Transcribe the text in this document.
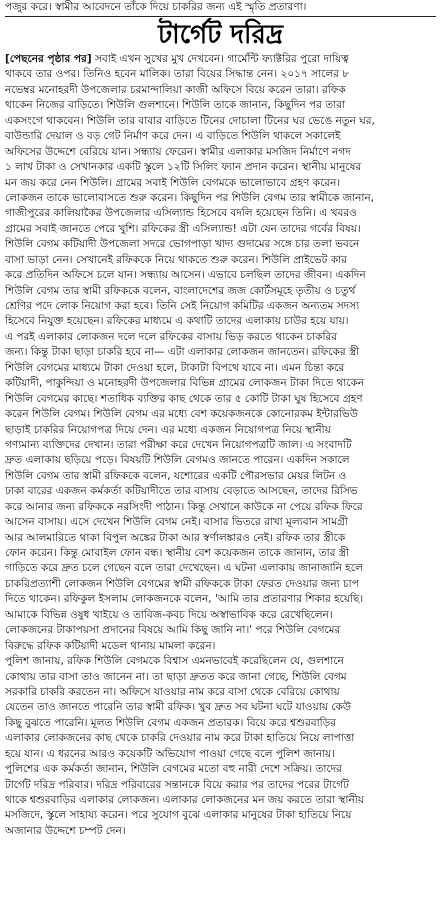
পজুর করে। স্বামীর আবেদনে তাঁকে দিয়ে চাকরির জন্য এই স্মৃতি প্রতারণা।
টার্গেট দরিদ্র
[পেছনের পৃষ্ঠার পর] সবাই এখন সুখের মুখ দেখবেন। গার্মেন্টি ফ্যাক্টরির পুরো দায়িত্ব
থাকবে তার ওপর। তিনিও হবেন মালিক। তারা বিয়ের সিদ্ধান্ত নেন। ২০১৭ সালের ৮
নভেম্বর মনোহরদী উপজেলার চরমান্দালিয়া কাজী অফিসে বিয়ে করেন তারা। রফিক
থাকেন নিজের বাড়িতে। শিউলি গুলশানে। শিউলি তাকে জানান, কিছুদিন পর তারা
একসংগে থাকবেন। শিউলি তার বাবার বাড়িতে টিনের দোচালা টিনের ঘর ভেঙে নতুন ঘর,
বাউন্ডারি দেয়াল ও বড় গেট নির্মাণ করে দেন। এ বাড়িতে শিউলি থাকলে সকালেই
অফিসের উদ্দেশে বেরিয়ে যান। সন্ধ্যায় ফেরেন। স্বামীর এলাকার মসজিদ নির্মাণে নগদ
১ লাখ টাকা ও সেখানকার একটি স্কুলে ১২টি সিলিং ফ্যান প্রদান করেন। স্থানীয় মানুষের
মন জয় করে নেন শিউলি। গ্রামের সবাই শিউলি বেগমকে ভালোভাবে গ্রহণ করেন।
লোকজন তাকে ভালোবাসতে শুরু করেন। কিছুদিন পর শিউলি বেগম তার স্বামীকে জানান,
গাজীপুরের কালিয়াকৈর উপজেলার এসিল্যান্ড হিসেবে বদলি হয়েছেন তিনি। এ খবরও
গ্রামের সবাই জানতে পেরে খুশি। রফিকের স্ত্রী এসিল্যান্ড! এটা যেন তাদের গর্বের বিষয়।
শিউলি বেগম কটিয়াদী উপজেলা সদরে ভোগপাড়া খাদ্য গুদামের সঙ্গে চার তলা ভবনে
বাসা ভাড়া নেন। সেখানেই রফিককে নিয়ে থাকতে শুরু করেন। শিউলি প্রাইভেট কার
করে প্রতিদিন অফিসে চলে যান। সন্ধ্যায় আসেন। এভাবে চলছিল তাদের জীবন। একদিন
শিউলি বেগম তার স্বামী রফিককে বলেন, বাংলাদেশের জজ কোর্টসমূহে তৃতীয় ও চতুর্থ
শ্রেণির পদে লোক নিয়োগ করা হবে। তিনি সেই নিয়োগ কমিটির একজন অন্যতম সদস্য
হিসেবে নিযুক্ত হয়েছেন। রফিকের মাধ্যমে এ কথাটি তাদের এলাকায় চাউর হয়ে যায়।
এ পরই এলাকার লোকজন দলে দলে রফিকের বাসায় ভিড় করতে থাকেন চাকরির
জন্য। কিন্তু টাকা ছাড়া চাকরি হবে না— এটা এলাকার লোকজন জানতেন। রফিকের স্ত্রী
শিউলি বেগমের মাধ্যমে টাকা দেওয়া হলে, টাকাটা বিপথে যাবে না। এমন চিন্তা করে
কটিয়াদী, পাকুন্দিয়া ও মনোহরদী উপজেলার বিভিন্ন গ্রামের লোকজন টাকা দিতে থাকেন
শিউলি বেগমের কাছে। শতাধিক ব্যক্তির কাছ থেকে তার ৫ কোটি টাকা ঘুষ হিসেবে গ্রহণ
করেন শিউলি বেগম। শিউলি বেগম এর মধ্যে বেশ কয়েকজনকে কোনোরকম ইন্টারভিউ
ছাড়াই চাকরির নিয়োগপত্র দিয়ে দেন। এর মধ্যে একজন নিয়োগপত্র নিয়ে স্থানীয়
গণ্যমান্য ব্যক্তিদের দেখান। তারা পরীক্ষা করে দেখেন নিয়োগপত্রটি জাল। এ সংবাদটি
দ্রুত এলাকায় ছড়িয়ে পড়ে। বিষয়টি শিউলি বেগমও জানতে পারেন। একদিন সকালে
শিউলি বেগম তার স্বামী রফিককে বলেন, যশোরের একটি পৌরসভার মেয়র লিটন ও
ঢাকা বারের একজন কর্মকর্তা কটিয়াদীতে তার বাসায় বেড়াতে আসছেন, তাদের রিসিভ
করে আনার জন্য রফিককে নরসিংদী পাঠান। কিন্তু সেখানে কাউকে না পেয়ে রফিক ফিরে
আসেন বাসায়। এসে দেখেন শিউলি বেগম নেই। বাসার ভিতরে রাখা মূল্যবান সামগ্রী
আর আলমারিতে থাকা বিপুল অঙ্কের টাকা আর স্বর্ণালঙ্কারও নেই। রফিক তার স্ত্রীকে
ফোন করেন। কিন্তু মোবাইল ফোন বন্ধ। স্থানীয় বেশ কয়েকজন তাকে জানান, তার স্ত্রী
গাড়িতে করে দ্রুত চলে গেছেন বলে তারা দেখেছেন। এ ঘটনা এলাকায় জানাজানি হলে
চাকরিপ্রত্যাশী লোকজন শিউলি বেগমের স্বামী রফিককে টাকা ফেরত দেওয়ার জন্য চাপ
দিতে থাকেন। রফিকুল ইসলাম লোকজনকে বলেন, 'আমি তার প্রতারণার শিকার হয়েছি।
আমাকে বিভিন্ন ওষুধ খাইয়ে ও তাবিজ-কবচ দিয়ে অস্বাভাবিক করে রেখেছিলেন।
লোকজনের টাকাপয়সা প্রদানের বিষয়ে আমি কিছু জানি না।' পরে শিউলি বেগমের
বিরুদ্ধে রফিক কটিয়াদী মডেল থানায় মামলা করেন।
পুলিশ জানায়, রফিক শিউলি বেগমকে বিশ্বাস এমনভাবেই করেছিলেন যে, গুলশানে
কোথায় তার বাসা তাও জানেন না। তা ছাড়া দ্রুতত করে জানা গেছে, শিউলি বেগম
সরকারি চাকরি করতেন না। অফিসে যাওয়ার নাম করে বাসা থেকে বেরিয়ে কোথায়
যেতেন তাও জানতে পারেনি তার স্বামী রফিক। খুব দ্রুত সব ঘটনা ঘটে যাওয়ায় কেউ
কিছু বুঝতে পারেনি। মূলত শিউলি বেগম একজন প্রতারক। বিয়ে করে শ্বশুরবাড়ির
এলাকার লোকজনের কাছ থেকে চাকরি দেওয়ার নাম করে টাকা হাতিয়ে নিয়ে লাপাত্তা
হয়ে যান। এ ধরনের আরও কয়েকটি অভিযোগ পাওয়া গেছে বলে পুলিশ জানায়।
পুলিশের এক কর্মকর্তা জানান, শিউলি বেগমের মতো বহু নারী দেশে সক্রিয়। তাদের
টার্গেট দরিদ্র পরিবার। দরিদ্র পরিবারের সন্তানকে বিয়ে করার পর তাদের পরের টার্গেট
থাকে শ্বশুরবাড়ির এলাকার লোকজন। এলাকার লোকজনের মন জয় করতে তারা স্থানীয়
মসজিদে, স্কুলে সাহায্য করেন। পরে সুযোগ বুঝে এলাকার মানুষের টাকা হাতিয়ে নিয়ে
অজানার উদ্দেশে চম্পট দেন।
